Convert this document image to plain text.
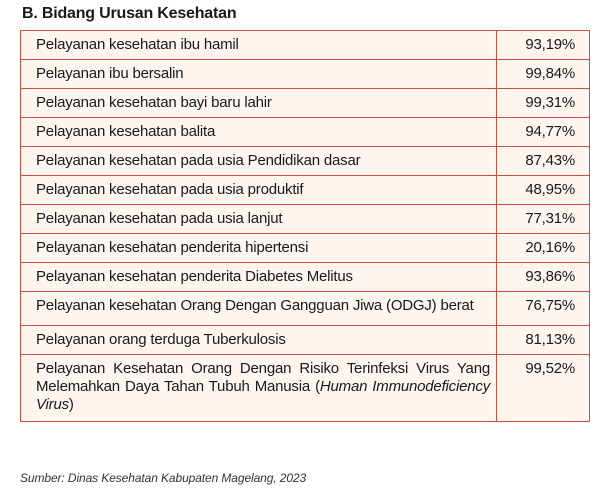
B. Bidang Urusan Kesehatan
Pelayanan kesehatan ibu hamil	93,19%
Pelayanan ibu bersalin	99,84%
Pelayanan kesehatan bayi baru lahir	99,31%
Pelayanan kesehatan balita	94,77%
Pelayanan kesehatan pada usia Pendidikan dasar	87,43%
Pelayanan kesehatan pada usia produktif	48,95%
Pelayanan kesehatan pada usia lanjut	77,31%
Pelayanan kesehatan penderita hipertensi	20,16%
Pelayanan kesehatan penderita Diabetes Melitus	93,86%
Pelayanan kesehatan Orang Dengan Gangguan Jiwa (ODGJ) berat	76,75%
Pelayanan orang terduga Tuberkulosis	81,13%
Pelayanan Kesehatan Orang Dengan Risiko Terinfeksi Virus Yang Melemahkan Daya Tahan Tubuh Manusia (Human Immunodeficiency Virus)	99,52%
Sumber: Dinas Kesehatan Kabupaten Magelang, 2023
